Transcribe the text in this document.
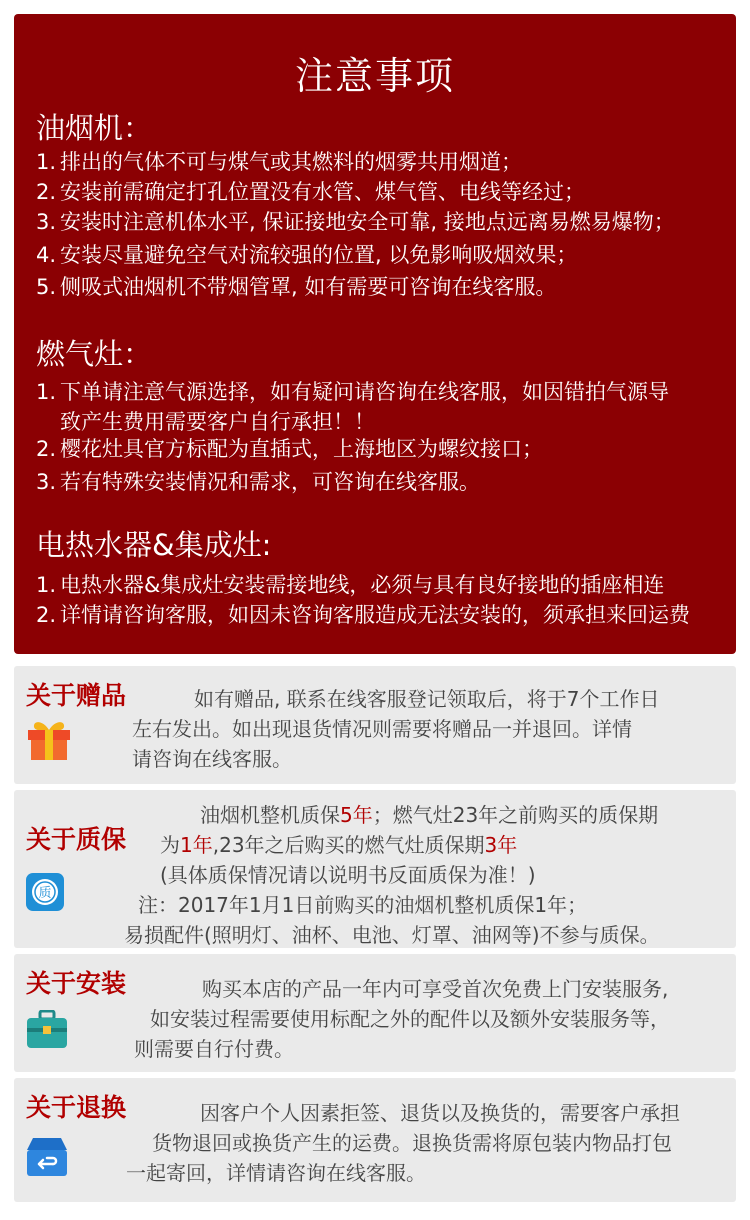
注意事项
油烟机：
1. 排出的气体不可与煤气或其燃料的烟雾共用烟道；
2. 安装前需确定打孔位置没有水管、煤气管、电线等经过；
3. 安装时注意机体水平, 保证接地安全可靠, 接地点远离易燃易爆物；
4. 安装尽量避免空气对流较强的位置, 以免影响吸烟效果；
5. 侧吸式油烟机不带烟管罩, 如有需要可咨询在线客服。
燃气灶：
1. 下单请注意气源选择，如有疑问请咨询在线客服，如因错拍气源导
致产生费用需要客户自行承担！！
2. 樱花灶具官方标配为直插式，上海地区为螺纹接口；
3. 若有特殊安装情况和需求，可咨询在线客服。
电热水器&集成灶:
1. 电热水器&集成灶安装需接地线，必须与具有良好接地的插座相连
2. 详情请咨询客服，如因未咨询客服造成无法安装的，须承担来回运费
关于赠品	如有赠品, 联系在线客服登记领取后，将于7个工作日
左右发出。如出现退货情况则需要将赠品一并退回。详情
请咨询在线客服。
关于质保
质
油烟机整机质保5年；燃气灶23年之前购买的质保期
为1年,23年之后购买的燃气灶质保期3年
(具体质保情况请以说明书反面质保为准！)
注：2017年1月1日前购买的油烟机整机质保1年；
易损配件(照明灯、油杯、电池、灯罩、油网等)不参与质保。
关于安装	购买本店的产品一年内可享受首次免费上门安装服务,
如安装过程需要使用标配之外的配件以及额外安装服务等，
则需要自行付费。
关于退换	因客户个人因素拒签、退货以及换货的，需要客户承担
货物退回或换货产生的运费。退换货需将原包装内物品打包
一起寄回，详情请咨询在线客服。
